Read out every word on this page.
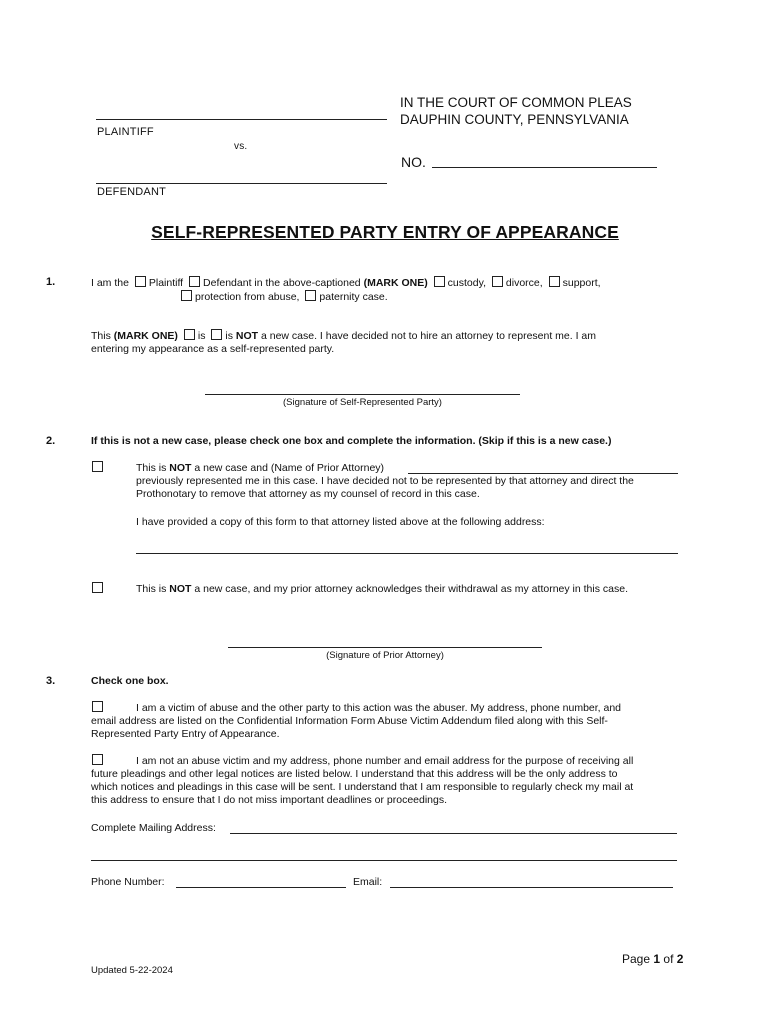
PLAINTIFF
vs.
DEFENDANT
IN THE COURT OF COMMON PLEAS
DAUPHIN COUNTY, PENNSYLVANIA
NO.
SELF-REPRESENTED PARTY ENTRY OF APPEARANCE
1.	I am the Plaintiff Defendant in the above-captioned (MARK ONE) custody, divorce, support,
protection from abuse, paternity case.
This (MARK ONE) is is NOT a new case. I have decided not to hire an attorney to represent me. I am
entering my appearance as a self-represented party.
(Signature of Self-Represented Party)
2.	If this is not a new case, please check one box and complete the information. (Skip if this is a new case.)
This is NOT a new case and (Name of Prior Attorney)
previously represented me in this case. I have decided not to be represented by that attorney and direct the
Prothonotary to remove that attorney as my counsel of record in this case.
I have provided a copy of this form to that attorney listed above at the following address:
This is NOT a new case, and my prior attorney acknowledges their withdrawal as my attorney in this case.
(Signature of Prior Attorney)
3.	Check one box.
I am a victim of abuse and the other party to this action was the abuser. My address, phone number, and
email address are listed on the Confidential Information Form Abuse Victim Addendum filed along with this Self-
Represented Party Entry of Appearance.
I am not an abuse victim and my address, phone number and email address for the purpose of receiving all
future pleadings and other legal notices are listed below. I understand that this address will be the only address to
which notices and pleadings in this case will be sent. I understand that I am responsible to regularly check my mail at
this address to ensure that I do not miss important deadlines or proceedings.
Complete Mailing Address:
Phone Number:	Email:
Page 1 of 2
Updated 5-22-2024
